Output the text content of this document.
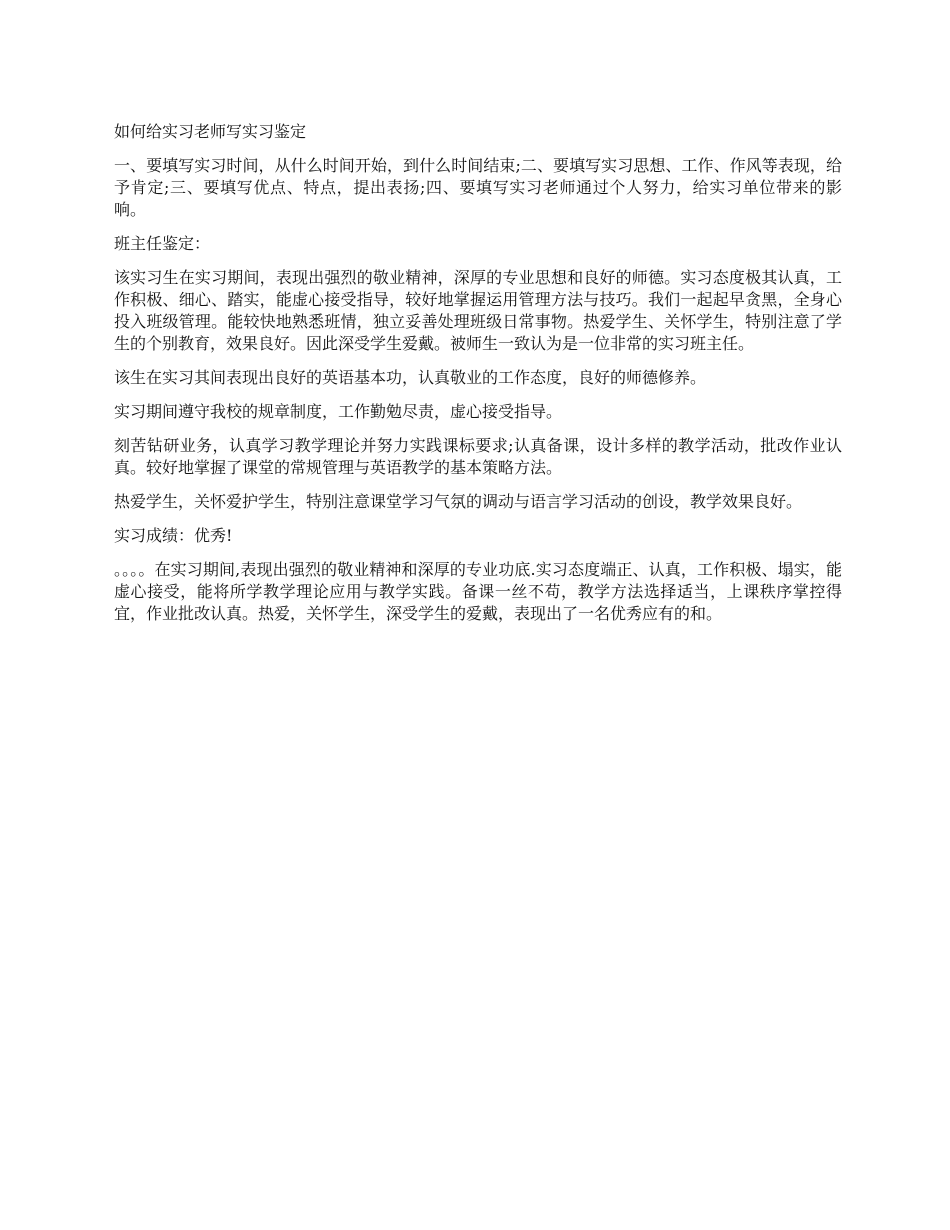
如何给实习老师写实习鉴定

一、要填写实习时间，从什么时间开始，到什么时间结束;二、要填写实习思想、工作、作风等表现，给予肯定;三、要填写优点、特点，提出表扬;四、要填写实习老师通过个人努力，给实习单位带来的影响。

班主任鉴定：

该实习生在实习期间，表现出强烈的敬业精神，深厚的专业思想和良好的师德。实习态度极其认真，工作积极、细心、踏实，能虚心接受指导，较好地掌握运用管理方法与技巧。我们一起起早贪黑，全身心投入班级管理。能较快地熟悉班情，独立妥善处理班级日常事物。热爱学生、关怀学生，特别注意了学生的个别教育，效果良好。因此深受学生爱戴。被师生一致认为是一位非常的实习班主任。

该生在实习其间表现出良好的英语基本功，认真敬业的工作态度，良好的师德修养。

实习期间遵守我校的规章制度，工作勤勉尽责，虚心接受指导。

刻苦钻研业务，认真学习教学理论并努力实践课标要求;认真备课，设计多样的教学活动，批改作业认真。较好地掌握了课堂的常规管理与英语教学的基本策略方法。

热爱学生，关怀爱护学生，特别注意课堂学习气氛的调动与语言学习活动的创设，教学效果良好。

实习成绩：优秀!

。。。。在实习期间,表现出强烈的敬业精神和深厚的专业功底.实习态度端正、认真，工作积极、塌实，能虚心接受，能将所学教学理论应用与教学实践。备课一丝不苟，教学方法选择适当，上课秩序掌控得宜，作业批改认真。热爱，关怀学生，深受学生的爱戴，表现出了一名优秀应有的和。
